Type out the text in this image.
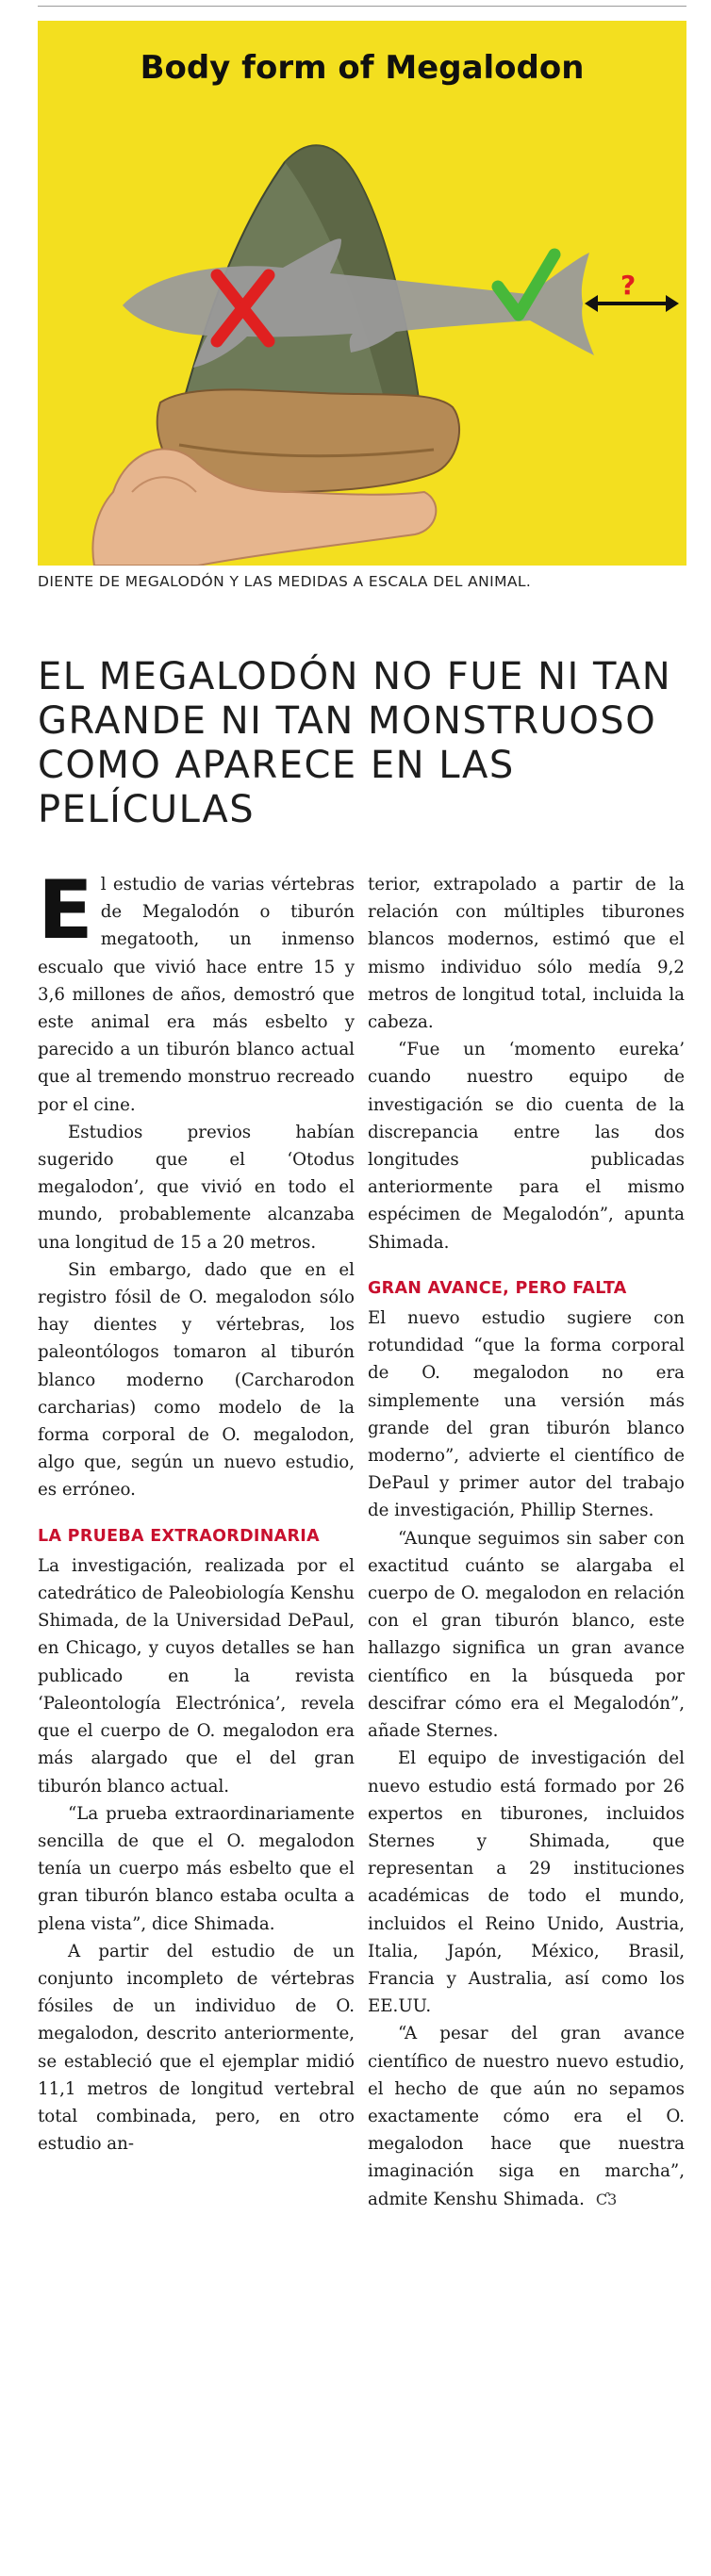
?
Body form of Megalodon
DIENTE DE MEGALODÓN Y LAS MEDIDAS A ESCALA DEL ANIMAL.
EL MEGALODÓN NO FUE NI TAN GRANDE NI TAN MONSTRUOSO COMO APARECE EN LAS PELÍCULAS

El estudio de varias vértebras de Megalodón o tiburón megatooth, un inmenso escualo que vivió hace entre 15 y 3,6 millones de años, demostró que este animal era más esbelto y parecido a un tiburón blanco actual que al tremendo monstruo recreado por el cine.

Estudios previos habían sugerido que el ‘Otodus megalodon’, que vivió en todo el mundo, probablemente alcanzaba una longitud de 15 a 20 metros.

Sin embargo, dado que en el registro fósil de O. megalodon sólo hay dientes y vértebras, los paleontólogos tomaron al tiburón blanco moderno (Carcharodon carcharias) como modelo de la forma corporal de O. megalodon, algo que, según un nuevo estudio, es erróneo.

LA PRUEBA EXTRAORDINARIA

La investigación, realizada por el catedrático de Paleobiología Kenshu Shimada, de la Universidad DePaul, en Chicago, y cuyos detalles se han publicado en la revista ‘Paleontología Electrónica’, revela que el cuerpo de O. megalodon era más alargado que el del gran tiburón blanco actual.

“La prueba extraordinariamente sencilla de que el O. megalodon tenía un cuerpo más esbelto que el gran tiburón blanco estaba oculta a plena vista”, dice Shimada.

A partir del estudio de un conjunto incompleto de vértebras fósiles de un individuo de O. megalodon, descrito anteriormente, se estableció que el ejemplar midió 11,1 metros de longitud vertebral total combinada, pero, en otro estudio an-

terior, extrapolado a partir de la relación con múltiples tiburones blancos modernos, estimó que el mismo individuo sólo medía 9,2 metros de longitud total, incluida la cabeza.

“Fue un ‘momento eureka’ cuando nuestro equipo de investigación se dio cuenta de la discrepancia entre las dos longitudes publicadas anteriormente para el mismo espécimen de Megalodón”, apunta Shimada.

GRAN AVANCE, PERO FALTA

El nuevo estudio sugiere con rotundidad “que la forma corporal de O. megalodon no era simplemente una versión más grande del gran tiburón blanco moderno”, advierte el científico de DePaul y primer autor del trabajo de investigación, Phillip Sternes.

“Aunque seguimos sin saber con exactitud cuánto se alargaba el cuerpo de O. megalodon en relación con el gran tiburón blanco, este hallazgo significa un gran avance científico en la búsqueda por descifrar cómo era el Megalodón”, añade Sternes.

El equipo de investigación del nuevo estudio está formado por 26 expertos en tiburones, incluidos Sternes y Shimada, que representan a 29 instituciones académicas de todo el mundo, incluidos el Reino Unido, Austria, Italia, Japón, México, Brasil, Francia y Australia, así como los EE.UU.

“A pesar del gran avance científico de nuestro nuevo estudio, el hecho de que aún no sepamos exactamente cómo era el O. megalodon hace que nuestra imaginación siga en marcha”, admite Kenshu Shimada. Ƈ3
